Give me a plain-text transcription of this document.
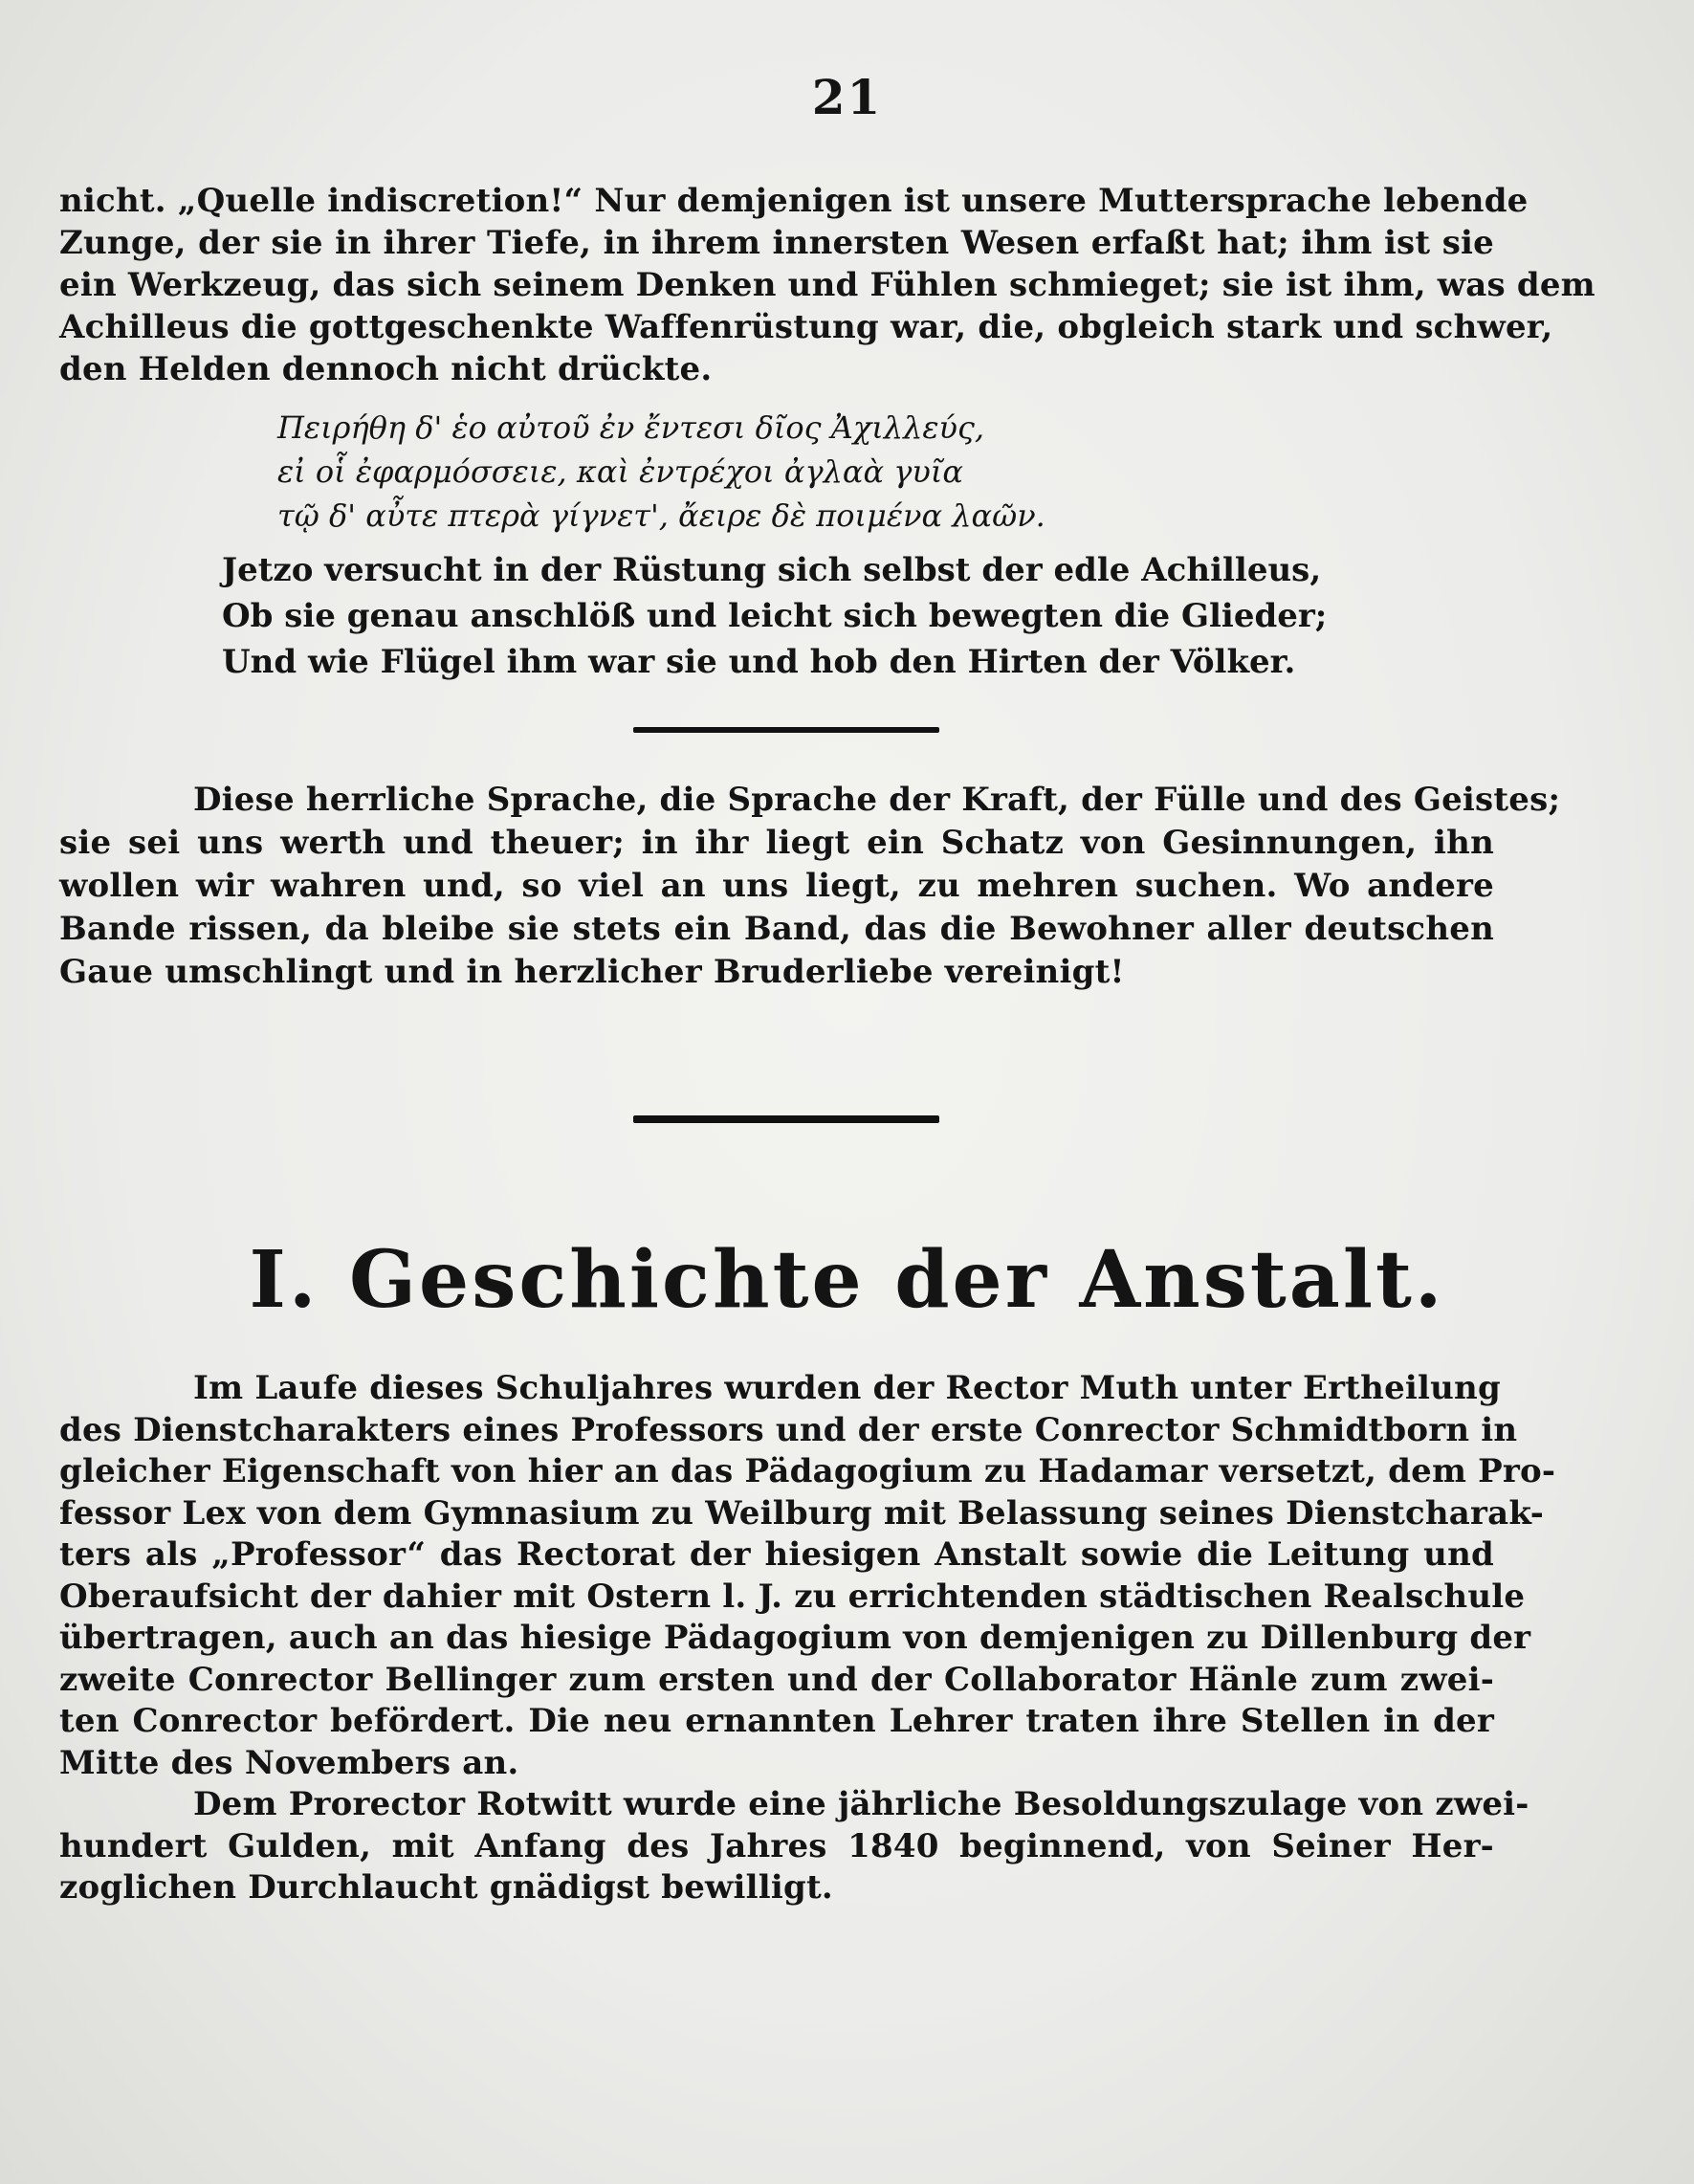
21
nicht. „Quelle indiscretion!“ Nur demjenigen ist unsere Muttersprache lebende
Zunge, der sie in ihrer Tiefe, in ihrem innersten Wesen erfaßt hat; ihm ist sie
ein Werkzeug, das sich seinem Denken und Fühlen schmieget; sie ist ihm, was dem
Achilleus die gottgeschenkte Waffenrüstung war, die, obgleich stark und schwer,
den Helden dennoch nicht drückte.
Πειρήθη δ' ἑο αὐτοῦ ἐν ἔντεσι δῖος Ἀχιλλεύς,
εἰ οἷ ἐφαρμόσσειε, καὶ ἐντρέχοι ἀγλαὰ γυῖα
τῷ δ' αὖτε πτερὰ γίγνετ', ἄειρε δὲ ποιμένα λαῶν.
Jetzo versucht in der Rüstung sich selbst der edle Achilleus,
Ob sie genau anschlöß und leicht sich bewegten die Glieder;
Und wie Flügel ihm war sie und hob den Hirten der Völker.
Diese herrliche Sprache, die Sprache der Kraft, der Fülle und des Geistes;
sie sei uns werth und theuer; in ihr liegt ein Schatz von Gesinnungen, ihn
wollen wir wahren und, so viel an uns liegt, zu mehren suchen. Wo andere
Bande rissen, da bleibe sie stets ein Band, das die Bewohner aller deutschen
Gaue umschlingt und in herzlicher Bruderliebe vereinigt!
I. Geschichte der Anstalt.
Im Laufe dieses Schuljahres wurden der Rector Muth unter Ertheilung
des Dienstcharakters eines Professors und der erste Conrector Schmidtborn in
gleicher Eigenschaft von hier an das Pädagogium zu Hadamar versetzt, dem Pro-
fessor Lex von dem Gymnasium zu Weilburg mit Belassung seines Dienstcharak-
ters als „Professor“ das Rectorat der hiesigen Anstalt sowie die Leitung und
Oberaufsicht der dahier mit Ostern l. J. zu errichtenden städtischen Realschule
übertragen, auch an das hiesige Pädagogium von demjenigen zu Dillenburg der
zweite Conrector Bellinger zum ersten und der Collaborator Hänle zum zwei-
ten Conrector befördert. Die neu ernannten Lehrer traten ihre Stellen in der
Mitte des Novembers an.
Dem Prorector Rotwitt wurde eine jährliche Besoldungszulage von zwei-
hundert Gulden, mit Anfang des Jahres 1840 beginnend, von Seiner Her-
zoglichen Durchlaucht gnädigst bewilligt.
